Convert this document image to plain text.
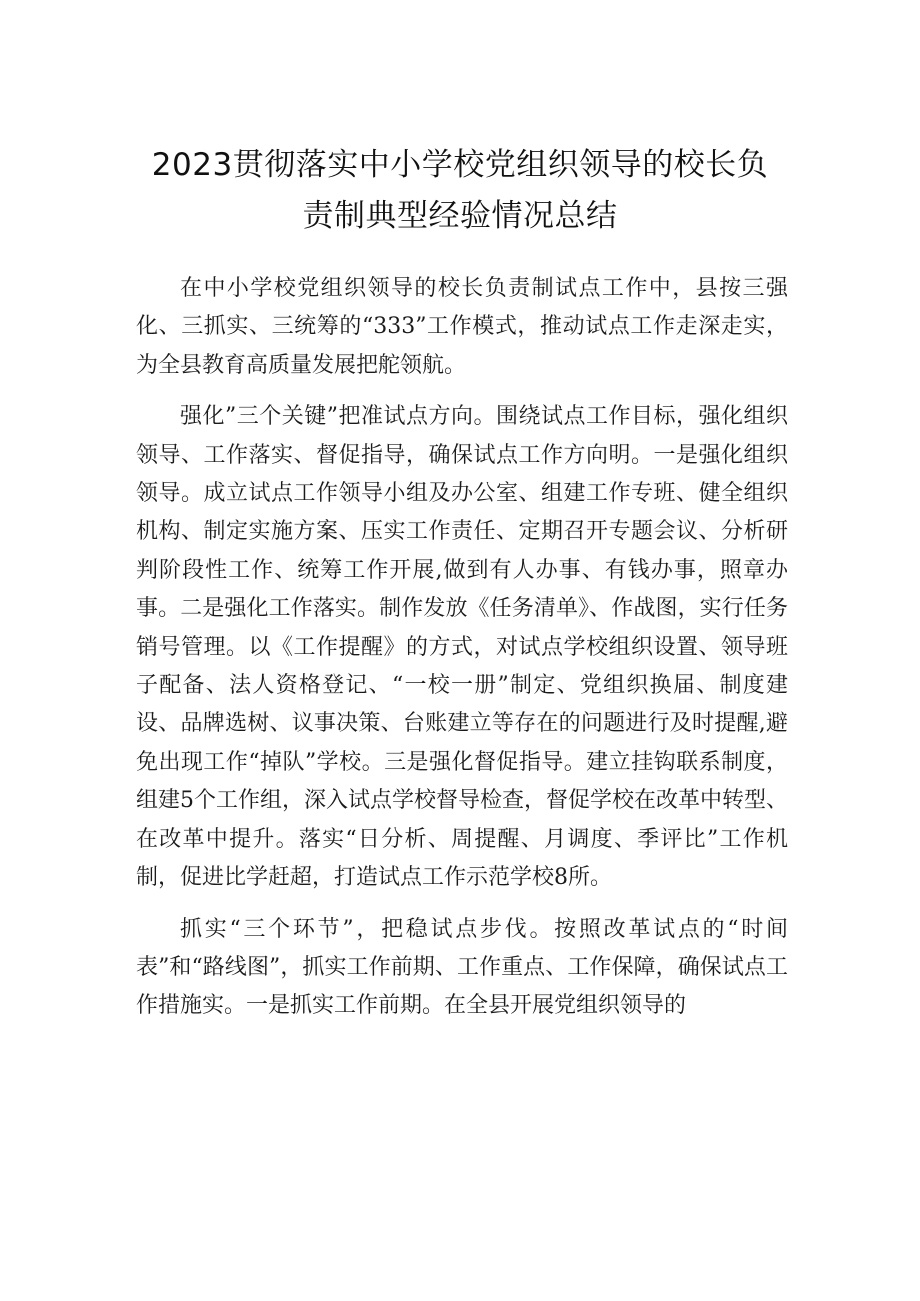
2023贯彻落实中小学校党组织领导的校长负
责制典型经验情况总结

在中小学校党组织领导的校长负责制试点工作中，县按三强化、三抓实、三统筹的“333”工作模式，推动试点工作走深走实，为全县教育高质量发展把舵领航。

强化”三个关键”把准试点方向。围绕试点工作目标，强化组织领导、工作落实、督促指导，确保试点工作方向明。一是强化组织领导。成立试点工作领导小组及办公室、组建工作专班、健全组织机构、制定实施方案、压实工作责任、定期召开专题会议、分析研判阶段性工作、统筹工作开展,做到有人办事、有钱办事，照章办事。二是强化工作落实。制作发放《任务清单》、作战图，实行任务销号管理。以《工作提醒》的方式，对试点学校组织设置、领导班子配备、法人资格登记、“一校一册”制定、党组织换届、制度建设、品牌选树、议事决策、台账建立等存在的问题进行及时提醒,避免出现工作“掉队”学校。三是强化督促指导。建立挂钩联系制度，组建5个工作组，深入试点学校督导检查，督促学校在改革中转型、在改革中提升。落实“日分析、周提醒、月调度、季评比”工作机制，促进比学赶超，打造试点工作示范学校8所。

抓实“三个环节”，把稳试点步伐。按照改革试点的“时间表”和“路线图”，抓实工作前期、工作重点、工作保障，确保试点工作措施实。一是抓实工作前期。在全县开展党组织领导的
